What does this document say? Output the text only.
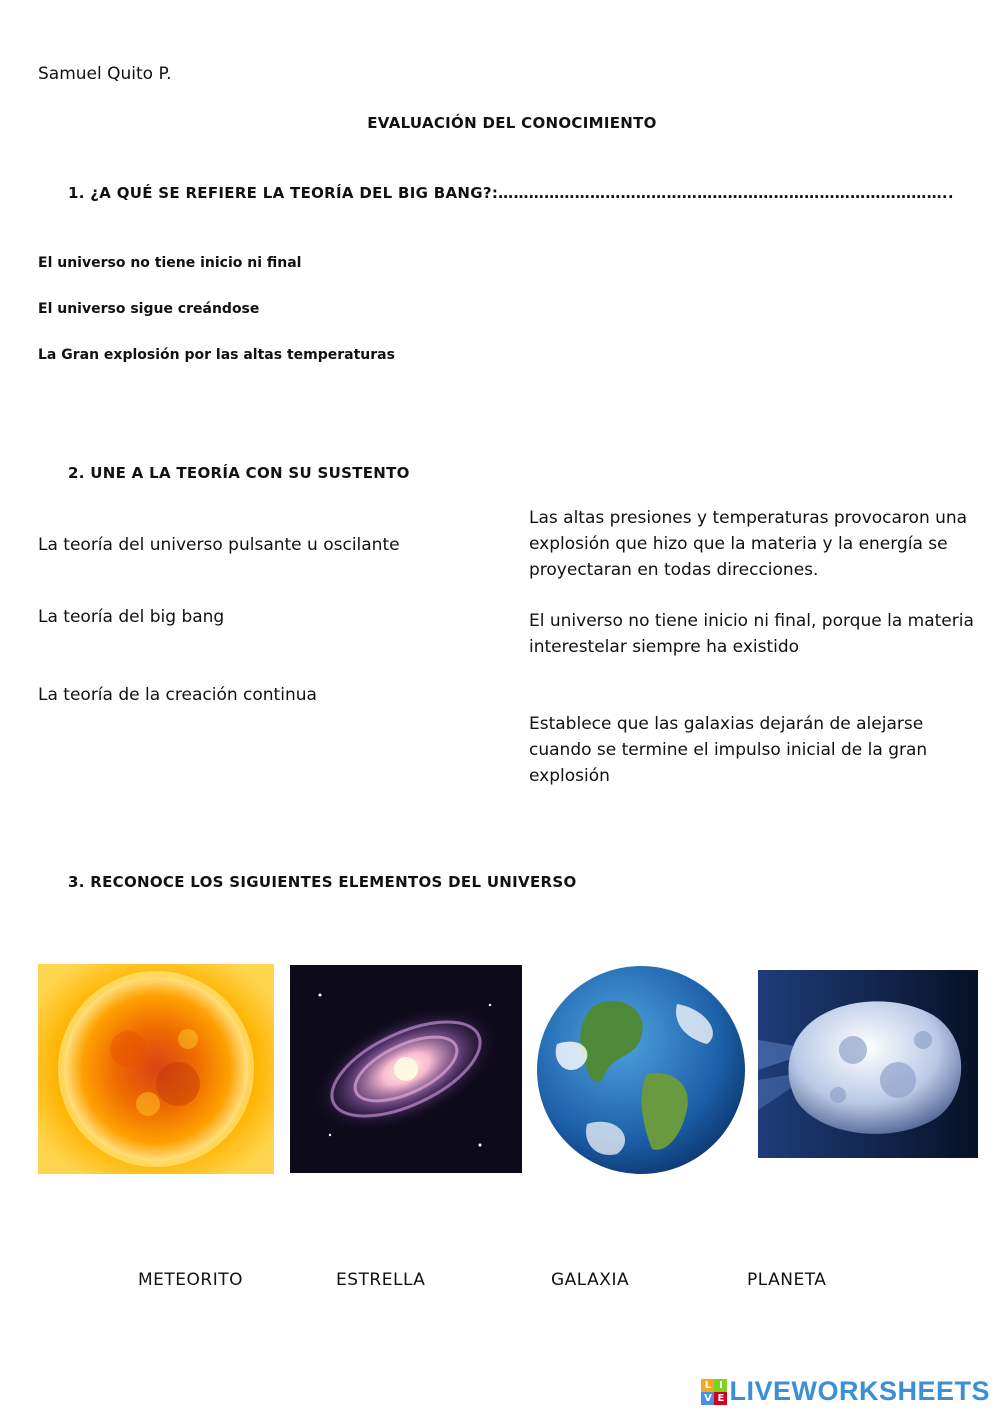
Samuel Quito P.
EVALUACIÓN DEL CONOCIMIENTO
1. ¿A QUÉ SE REFIERE LA TEORÍA DEL BIG BANG?:……………………………………………………………………………..
El universo no tiene inicio ni final
El universo sigue creándose
La Gran explosión por las altas temperaturas
2. UNE A LA TEORÍA CON SU SUSTENTO
La teoría del universo pulsante u oscilante
La teoría del big bang
La teoría de la creación continua
Las altas presiones y temperaturas provocaron una explosión que hizo que la materia y la energía se proyectaran en todas direcciones.
El universo no tiene inicio ni final, porque la materia interestelar siempre ha existido
Establece que las galaxias dejarán de alejarse cuando se termine el impulso inicial de la gran explosión
3. RECONOCE LOS SIGUIENTES ELEMENTOS DEL UNIVERSO
METEORITO	ESTRELLA	GALAXIA	PLANETA
L I
V E LIVEWORKSHEETS
